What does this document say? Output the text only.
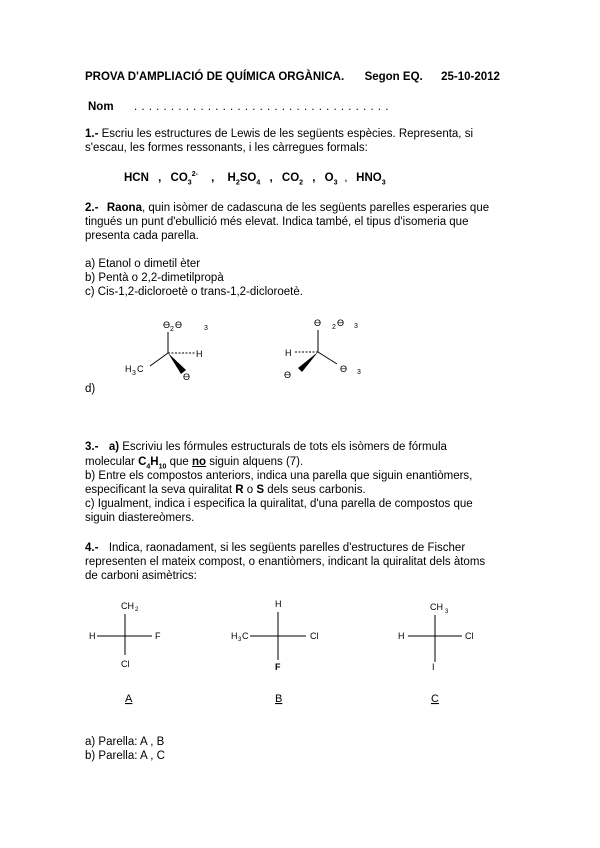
PROVA D'AMPLIACIÓ DE QUÍMICA ORGÀNICA. Segon EQ. 25-10-2012
Nom . . . . . . . . . . . . . . . . . . . . . . . . . . . . . . . . . . .
1.- Escriu les estructures de Lewis de les següents espècies. Representa, si
s'escau, les formes ressonants, i les càrregues formals:
HCN , $CO_3^{2-}$ , $H_2SO_4$ , $CO_2$ , $O_3$ , $HNO_3$
2.- Raona, quin isòmer de cadascuna de les següents parelles esperaries que
tingués un punt d'ebullició més elevat. Indica també, el tipus d'isomeria que
presenta cada parella.
a) Etanol o dimetil èter
b) Pentà o 2,2-dimetilpropà
c) Cis-1,2-dicloroetè o trans-1,2-dicloroetè.
d)
ϴ 2 ϴ	3
H
H 3 C
ϴ
ϴ 2 ϴ 3
H
ϴ 3
ϴ
CH 2
H	F
Cl
A
H
H 3 C	Cl
F
B
CH 3
H	Cl
I
C
3.- a) Escriviu les fórmules estructurals de tots els isòmers de fórmula
molecular $C_4H_{10}$ que no siguin alquens (7).
b) Entre els compostos anteriors, indica una parella que siguin enantiòmers,
especificant la seva quiralitat R o S dels seus carbonis.
c) Igualment, indica i especifica la quiralitat, d'una parella de compostos que
siguin diastereòmers.
4.- Indica, raonadament, si les següents parelles d'estructures de Fischer
representen el mateix compost, o enantiòmers, indicant la quiralitat dels àtoms
de carboni asimètrics:
a) Parella: A , B
b) Parella: A , C
